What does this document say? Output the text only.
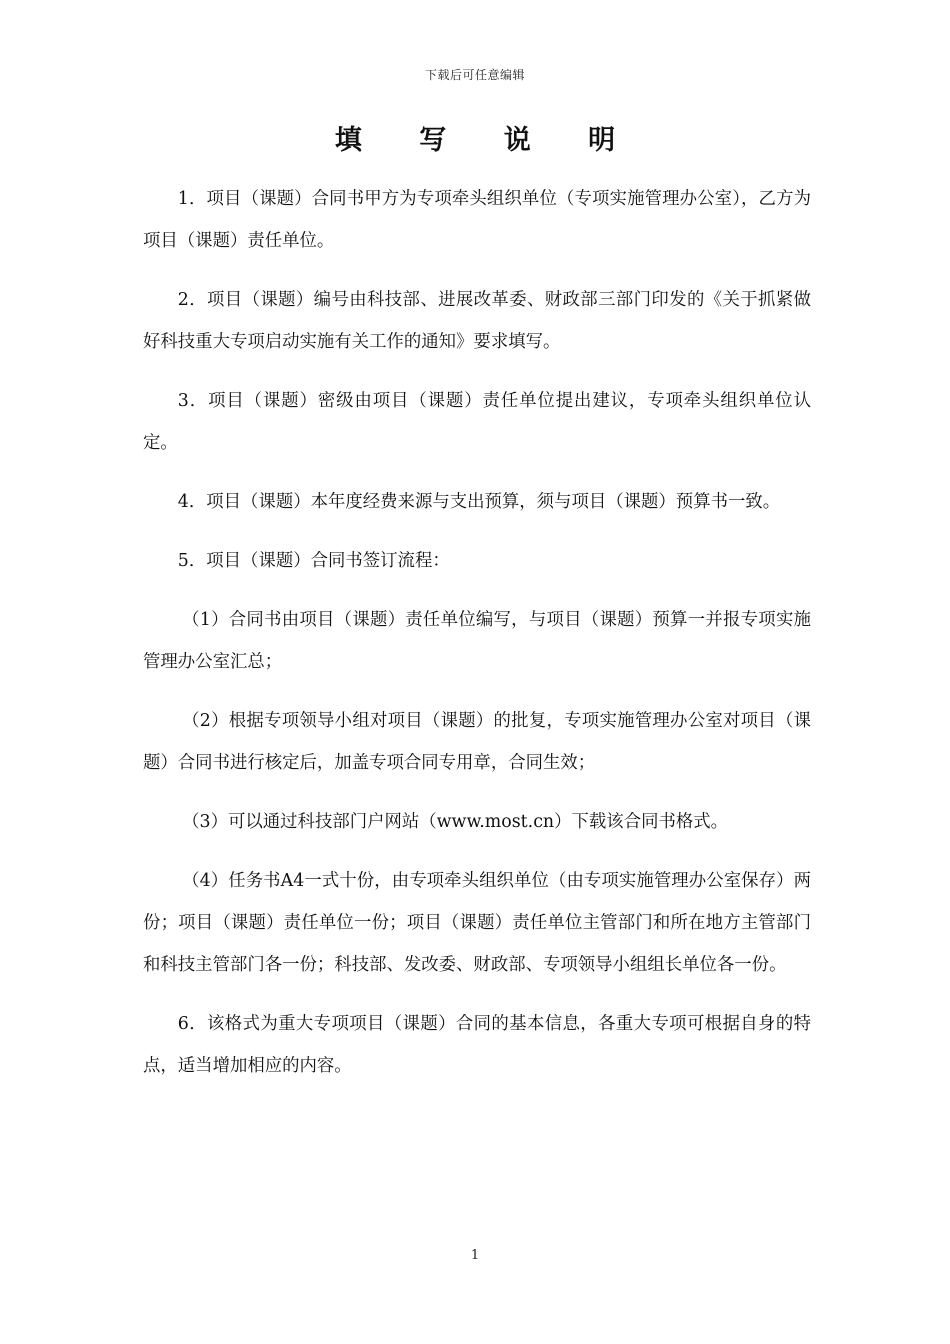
下载后可任意编辑
填 写 说 明

1．项目（课题）合同书甲方为专项牵头组织单位（专项实施管理办公室），乙方为项目（课题）责任单位。

2．项目（课题）编号由科技部、进展改革委、财政部三部门印发的《关于抓紧做好科技重大专项启动实施有关工作的通知》要求填写。

3．项目（课题）密级由项目（课题）责任单位提出建议，专项牵头组织单位认定。

4．项目（课题）本年度经费来源与支出预算，须与项目（课题）预算书一致。

5．项目（课题）合同书签订流程：

（1）合同书由项目（课题）责任单位编写，与项目（课题）预算一并报专项实施管理办公室汇总；

（2）根据专项领导小组对项目（课题）的批复，专项实施管理办公室对项目（课题）合同书进行核定后，加盖专项合同专用章，合同生效；

（3）可以通过科技部门户网站（www.most.cn）下载该合同书格式。

（4）任务书A4一式十份，由专项牵头组织单位（由专项实施管理办公室保存）两份；项目（课题）责任单位一份；项目（课题）责任单位主管部门和所在地方主管部门和科技主管部门各一份；科技部、发改委、财政部、专项领导小组组长单位各一份。

6．该格式为重大专项项目（课题）合同的基本信息，各重大专项可根据自身的特点，适当增加相应的内容。

1
